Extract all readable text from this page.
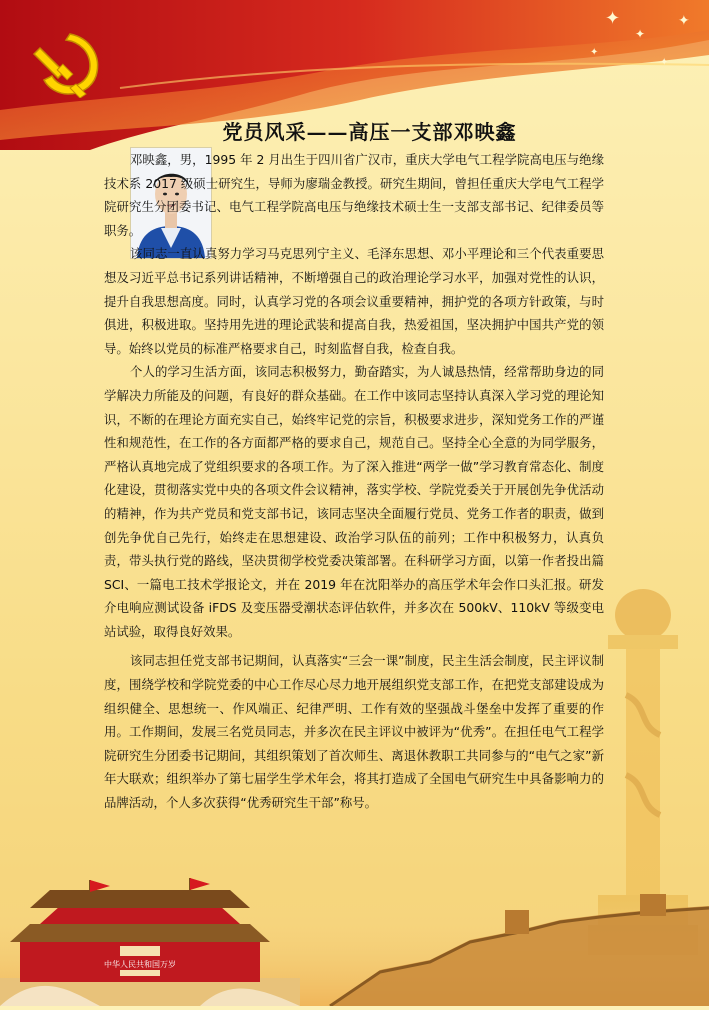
✦
✦
✦
✦
✦
党员风采——高压一支部邓映鑫

邓映鑫，男，1995 年 2 月出生于四川省广汉市，重庆大学电气工程学院高电压与绝缘技术系 2017 级硕士研究生，导师为廖瑞金教授。研究生期间，曾担任重庆大学电气工程学院研究生分团委书记、电气工程学院高电压与绝缘技术硕士生一支部支部书记、纪律委员等职务。

该同志一直认真努力学习马克思列宁主义、毛泽东思想、邓小平理论和三个代表重要思想及习近平总书记系列讲话精神，不断增强自己的政治理论学习水平，加强对党性的认识，提升自我思想高度。同时，认真学习党的各项会议重要精神，拥护党的各项方针政策，与时俱进，积极进取。坚持用先进的理论武装和提高自我，热爱祖国，坚决拥护中国共产党的领导。始终以党员的标准严格要求自己，时刻监督自我，检查自我。

个人的学习生活方面，该同志积极努力，勤奋踏实，为人诚恳热情，经常帮助身边的同学解决力所能及的问题，有良好的群众基础。在工作中该同志坚持认真深入学习党的理论知识，不断的在理论方面充实自己，始终牢记党的宗旨，积极要求进步，深知党务工作的严谨性和规范性，在工作的各方面都严格的要求自己，规范自己。坚持全心全意的为同学服务，严格认真地完成了党组织要求的各项工作。为了深入推进“两学一做”学习教育常态化、制度化建设，贯彻落实党中央的各项文件会议精神，落实学校、学院党委关于开展创先争优活动的精神，作为共产党员和党支部书记，该同志坚决全面履行党员、党务工作者的职责，做到创先争优自己先行，始终走在思想建设、政治学习队伍的前列；工作中积极努力，认真负责，带头执行党的路线，坚决贯彻学校党委决策部署。在科研学习方面，以第一作者投出篇 SCI、一篇电工技术学报论文，并在 2019 年在沈阳举办的高压学术年会作口头汇报。研发介电响应测试设备 iFDS 及变压器受潮状态评估软件，并多次在 500kV、110kV 等级变电站试验，取得良好效果。

该同志担任党支部书记期间，认真落实“三会一课”制度，民主生活会制度，民主评议制度，围绕学校和学院党委的中心工作尽心尽力地开展组织党支部工作，在把党支部建设成为组织健全、思想统一、作风端正、纪律严明、工作有效的坚强战斗堡垒中发挥了重要的作用。工作期间，发展三名党员同志，并多次在民主评议中被评为“优秀”。在担任电气工程学院研究生分团委书记期间，其组织策划了首次师生、离退休教职工共同参与的“电气之家”新年大联欢；组织举办了第七届学生学术年会，将其打造成了全国电气研究生中具备影响力的品牌活动，个人多次获得“优秀研究生干部”称号。

中华人民共和国万岁
